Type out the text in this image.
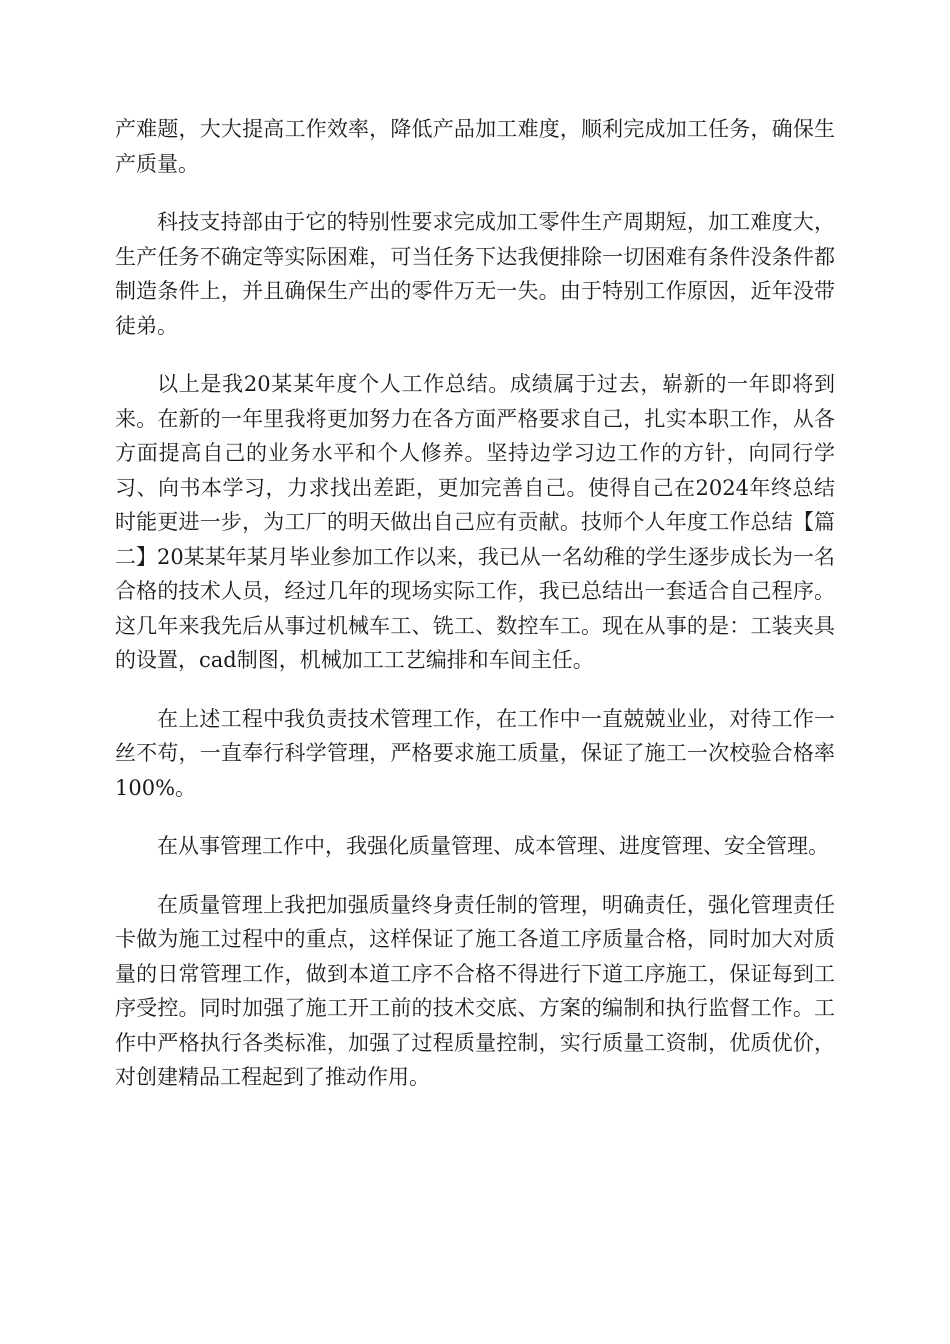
产难题，大大提高工作效率，降低产品加工难度，顺利完成加工任务，确保生产质量。

科技支持部由于它的特别性要求完成加工零件生产周期短，加工难度大，生产任务不确定等实际困难，可当任务下达我便排除一切困难有条件没条件都制造条件上，并且确保生产出的零件万无一失。由于特别工作原因，近年没带徒弟。

以上是我20某某年度个人工作总结。成绩属于过去，崭新的一年即将到来。在新的一年里我将更加努力在各方面严格要求自己，扎实本职工作，从各方面提高自己的业务水平和个人修养。坚持边学习边工作的方针，向同行学习、向书本学习，力求找出差距，更加完善自己。使得自己在2024年终总结时能更进一步，为工厂的明天做出自己应有贡献。技师个人年度工作总结【篇二】20某某年某月毕业参加工作以来，我已从一名幼稚的学生逐步成长为一名合格的技术人员，经过几年的现场实际工作，我已总结出一套适合自己程序。这几年来我先后从事过机械车工、铣工、数控车工。现在从事的是：工装夹具的设置，cad制图，机械加工工艺编排和车间主任。

在上述工程中我负责技术管理工作，在工作中一直兢兢业业，对待工作一丝不苟，一直奉行科学管理，严格要求施工质量，保证了施工一次校验合格率100%。

在从事管理工作中，我强化质量管理、成本管理、进度管理、安全管理。

在质量管理上我把加强质量终身责任制的管理，明确责任，强化管理责任卡做为施工过程中的重点，这样保证了施工各道工序质量合格，同时加大对质量的日常管理工作，做到本道工序不合格不得进行下道工序施工，保证每到工序受控。同时加强了施工开工前的技术交底、方案的编制和执行监督工作。工作中严格执行各类标准，加强了过程质量控制，实行质量工资制，优质优价，对创建精品工程起到了推动作用。
